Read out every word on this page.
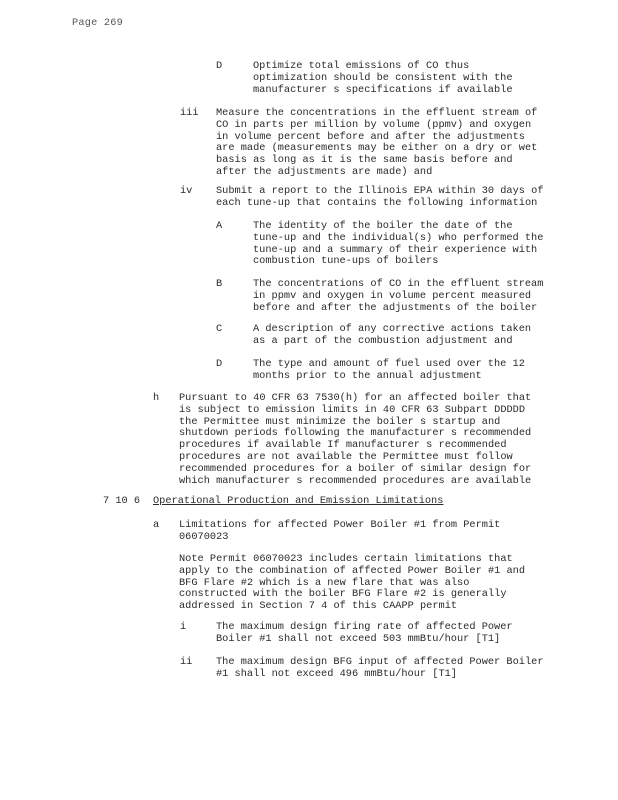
Page 269
D	Optimize total emissions of CO thus
optimization should be consistent with the
manufacturer s specifications if available
iii	Measure the concentrations in the effluent stream of
CO in parts per million by volume (ppmv) and oxygen
in volume percent before and after the adjustments
are made (measurements may be either on a dry or wet
basis as long as it is the same basis before and
after the adjustments are made) and
iv	Submit a report to the Illinois EPA within 30 days of
each tune-up that contains the following information
A	The identity of the boiler the date of the
tune-up and the individual(s) who performed the
tune-up and a summary of their experience with
combustion tune-ups of boilers
B	The concentrations of CO in the effluent stream
in ppmv and oxygen in volume percent measured
before and after the adjustments of the boiler
C	A description of any corrective actions taken
as a part of the combustion adjustment and
D	The type and amount of fuel used over the 12
months prior to the annual adjustment
h	Pursuant to 40 CFR 63 7530(h) for an affected boiler that
is subject to emission limits in 40 CFR 63 Subpart DDDDD
the Permittee must minimize the boiler s startup and
shutdown periods following the manufacturer s recommended
procedures if available If manufacturer s recommended
procedures are not available the Permittee must follow
recommended procedures for a boiler of similar design for
which manufacturer s recommended procedures are available
7 10 6	Operational Production and Emission Limitations
a	Limitations for affected Power Boiler #1 from Permit
06070023
Note Permit 06070023 includes certain limitations that
apply to the combination of affected Power Boiler #1 and
BFG Flare #2 which is a new flare that was also
constructed with the boiler BFG Flare #2 is generally
addressed in Section 7 4 of this CAAPP permit
i	The maximum design firing rate of affected Power
Boiler #1 shall not exceed 503 mmBtu/hour [T1]
ii	The maximum design BFG input of affected Power Boiler
#1 shall not exceed 496 mmBtu/hour [T1]
